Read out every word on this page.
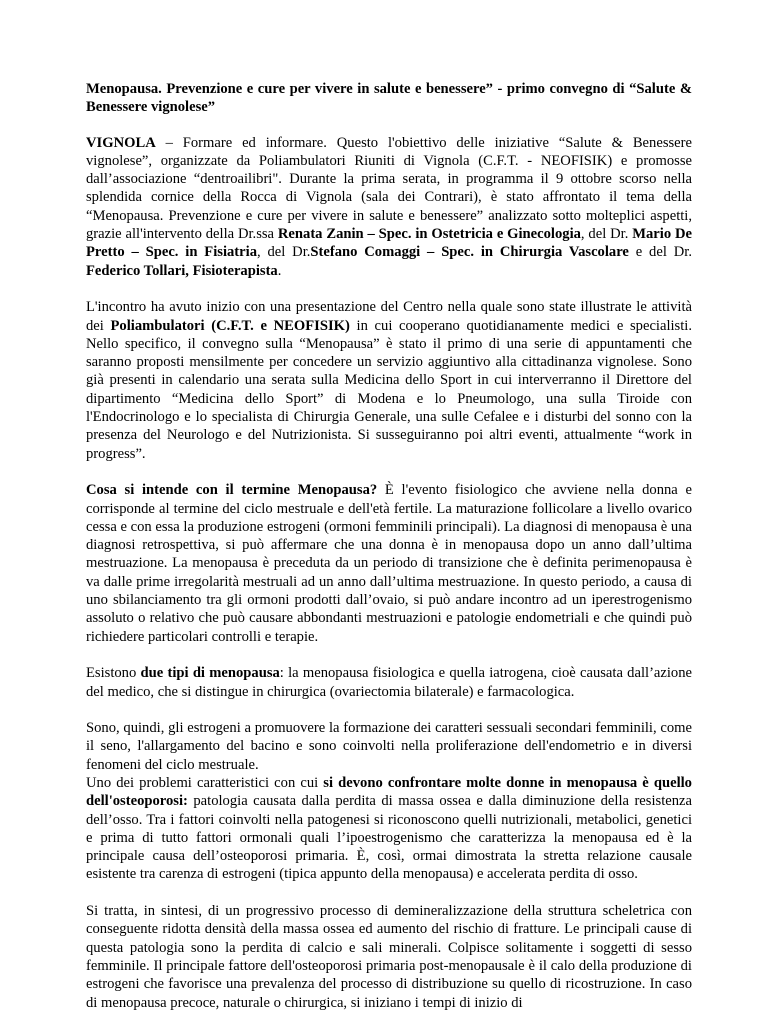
Menopausa. Prevenzione e cure per vivere in salute e benessere” - primo convegno di “Salute & Benessere vignolese”

VIGNOLA – Formare ed informare. Questo l'obiettivo delle iniziative “Salute & Benessere vignolese”, organizzate da Poliambulatori Riuniti di Vignola (C.F.T. - NEOFISIK) e promosse dall’associazione “dentroailibri". Durante la prima serata, in programma il 9 ottobre scorso nella splendida cornice della Rocca di Vignola (sala dei Contrari), è stato affrontato il tema della “Menopausa. Prevenzione e cure per vivere in salute e benessere” analizzato sotto molteplici aspetti, grazie all'intervento della Dr.ssa Renata Zanin – Spec. in Ostetricia e Ginecologia, del Dr. Mario De Pretto – Spec. in Fisiatria, del Dr.Stefano Comaggi – Spec. in Chirurgia Vascolare e del Dr. Federico Tollari, Fisioterapista.

L'incontro ha avuto inizio con una presentazione del Centro nella quale sono state illustrate le attività dei Poliambulatori (C.F.T. e NEOFISIK) in cui cooperano quotidianamente medici e specialisti. Nello specifico, il convegno sulla “Menopausa” è stato il primo di una serie di appuntamenti che saranno proposti mensilmente per concedere un servizio aggiuntivo alla cittadinanza vignolese. Sono già presenti in calendario una serata sulla Medicina dello Sport in cui interverranno il Direttore del dipartimento “Medicina dello Sport” di Modena e lo Pneumologo, una sulla Tiroide con l'Endocrinologo e lo specialista di Chirurgia Generale, una sulle Cefalee e i disturbi del sonno con la presenza del Neurologo e del Nutrizionista. Si susseguiranno poi altri eventi, attualmente “work in progress”.

Cosa si intende con il termine Menopausa? È l'evento fisiologico che avviene nella donna e corrisponde al termine del ciclo mestruale e dell'età fertile. La maturazione follicolare a livello ovarico cessa e con essa la produzione estrogeni (ormoni femminili principali). La diagnosi di menopausa è una diagnosi retrospettiva, si può affermare che una donna è in menopausa dopo un anno dall’ultima mestruazione. La menopausa è preceduta da un periodo di transizione che è definita perimenopausa è va dalle prime irregolarità mestruali ad un anno dall’ultima mestruazione. In questo periodo, a causa di uno sbilanciamento tra gli ormoni prodotti dall’ovaio, si può andare incontro ad un iperestrogenismo assoluto o relativo che può causare abbondanti mestruazioni e patologie endometriali e che quindi può richiedere particolari controlli e terapie.

Esistono due tipi di menopausa: la menopausa fisiologica e quella iatrogena, cioè causata dall’azione del medico, che si distingue in chirurgica (ovariectomia bilaterale) e farmacologica.

Sono, quindi, gli estrogeni a promuovere la formazione dei caratteri sessuali secondari femminili, come il seno, l'allargamento del bacino e sono coinvolti nella proliferazione dell'endometrio e in diversi fenomeni del ciclo mestruale.
Uno dei problemi caratteristici con cui si devono confrontare molte donne in menopausa è quello dell'osteoporosi: patologia causata dalla perdita di massa ossea e dalla diminuzione della resistenza dell’osso. Tra i fattori coinvolti nella patogenesi si riconoscono quelli nutrizionali, metabolici, genetici e prima di tutto fattori ormonali quali l’ipoestrogenismo che caratterizza la menopausa ed è la principale causa dell’osteoporosi primaria. È, così, ormai dimostrata la stretta relazione causale esistente tra carenza di estrogeni (tipica appunto della menopausa) e accelerata perdita di osso.

Si tratta, in sintesi, di un progressivo processo di demineralizzazione della struttura scheletrica con conseguente ridotta densità della massa ossea ed aumento del rischio di fratture. Le principali cause di questa patologia sono la perdita di calcio e sali minerali. Colpisce solitamente i soggetti di sesso femminile. Il principale fattore dell'osteoporosi primaria post-menopausale è il calo della produzione di estrogeni che favorisce una prevalenza del processo di distribuzione su quello di ricostruzione. In caso di menopausa precoce, naturale o chirurgica, si iniziano i tempi di inizio di
